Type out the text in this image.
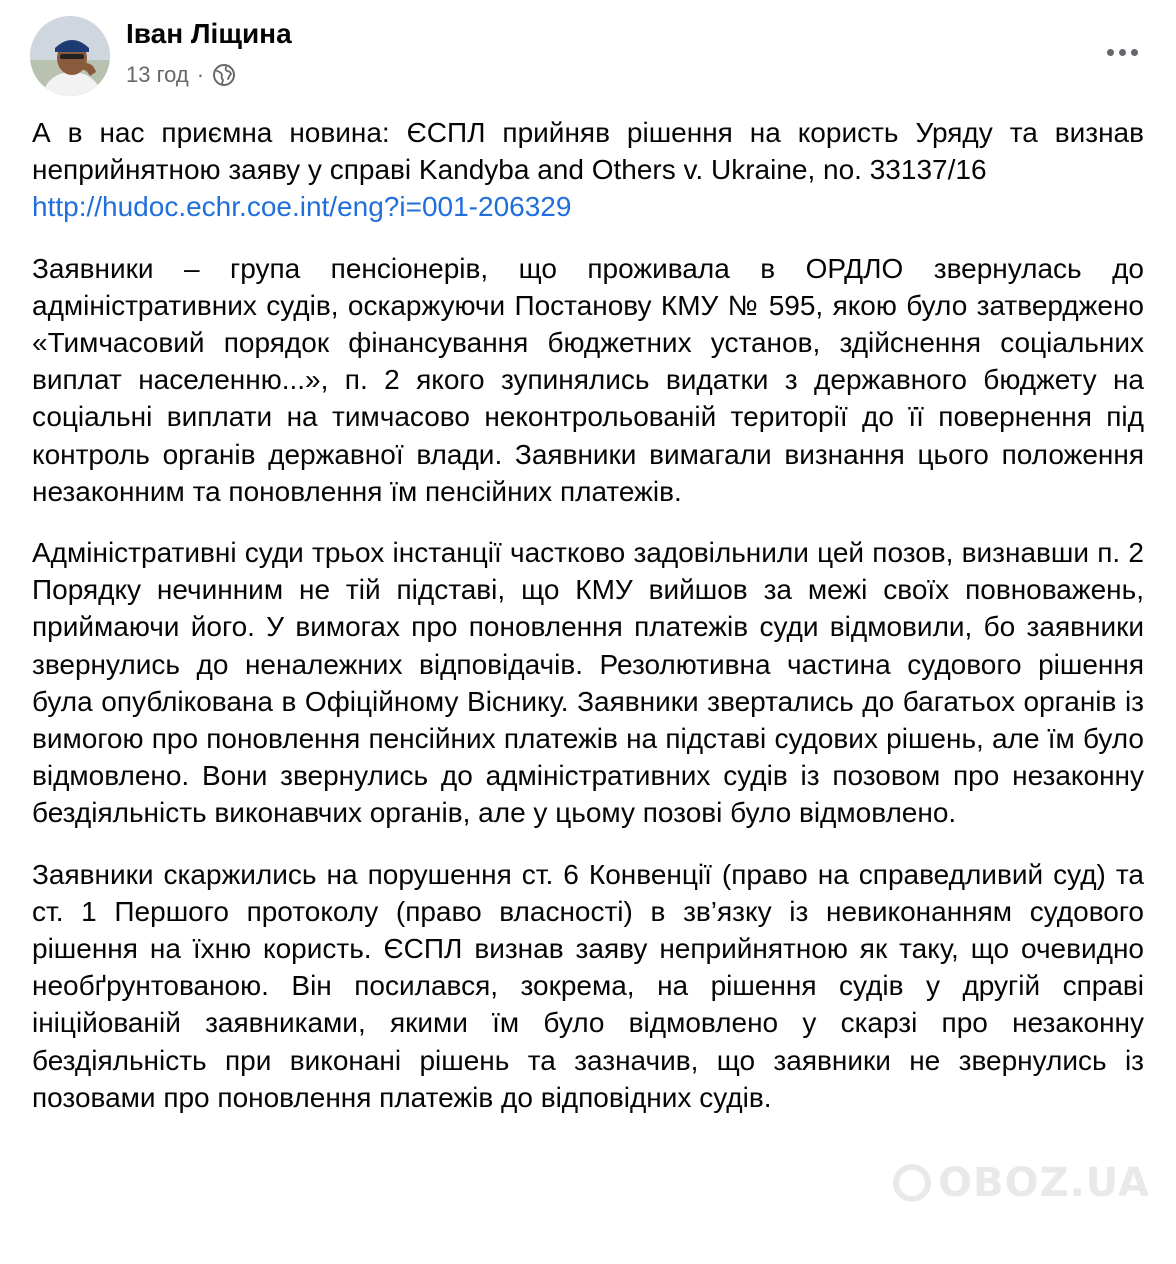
Іван Ліщина
13 год ·

А в нас приємна новина: ЄСПЛ прийняв рішення на користь Уряду та визнав неприйнятною заяву у справі Kandyba and Others v. Ukraine, no. 33137/16
http://hudoc.echr.coe.int/eng?i=001-206329

Заявники – група пенсіонерів, що проживала в ОРДЛО звернулась до адміністративних судів, оскаржуючи Постанову КМУ № 595, якою було затверджено «Тимчасовий порядок фінансування бюджетних установ, здійснення соціальних виплат населенню...», п. 2 якого зупинялись видатки з державного бюджету на соціальні виплати на тимчасово неконтрольованій території до її повернення під контроль органів державної влади. Заявники вимагали визнання цього положення незаконним та поновлення їм пенсійних платежів.

Адміністративні суди трьох інстанції частково задовільнили цей позов, визнавши п. 2 Порядку нечинним не тій підставі, що КМУ вийшов за межі своїх повноважень, приймаючи його. У вимогах про поновлення платежів суди відмовили, бо заявники звернулись до неналежних відповідачів. Резолютивна частина судового рішення була опублікована в Офіційному Віснику. Заявники звертались до багатьох органів із вимогою про поновлення пенсійних платежів на підставі судових рішень, але їм було відмовлено. Вони звернулись до адміністративних судів із позовом про незаконну бездіяльність виконавчих органів, але у цьому позові було відмовлено.

Заявники скаржились на порушення ст. 6 Конвенції (право на справедливий суд) та ст. 1 Першого протоколу (право власності) в зв’язку із невиконанням судового рішення на їхню користь. ЄСПЛ визнав заяву неприйнятною як таку, що очевидно необґрунтованою. Він посилався, зокрема, на рішення судів у другій справі ініційованій заявниками, якими їм було відмовлено у скарзі про незаконну бездіяльність при виконані рішень та зазначив, що заявники не звернулись із позовами про поновлення платежів до відповідних судів.

OBOZ.UA
